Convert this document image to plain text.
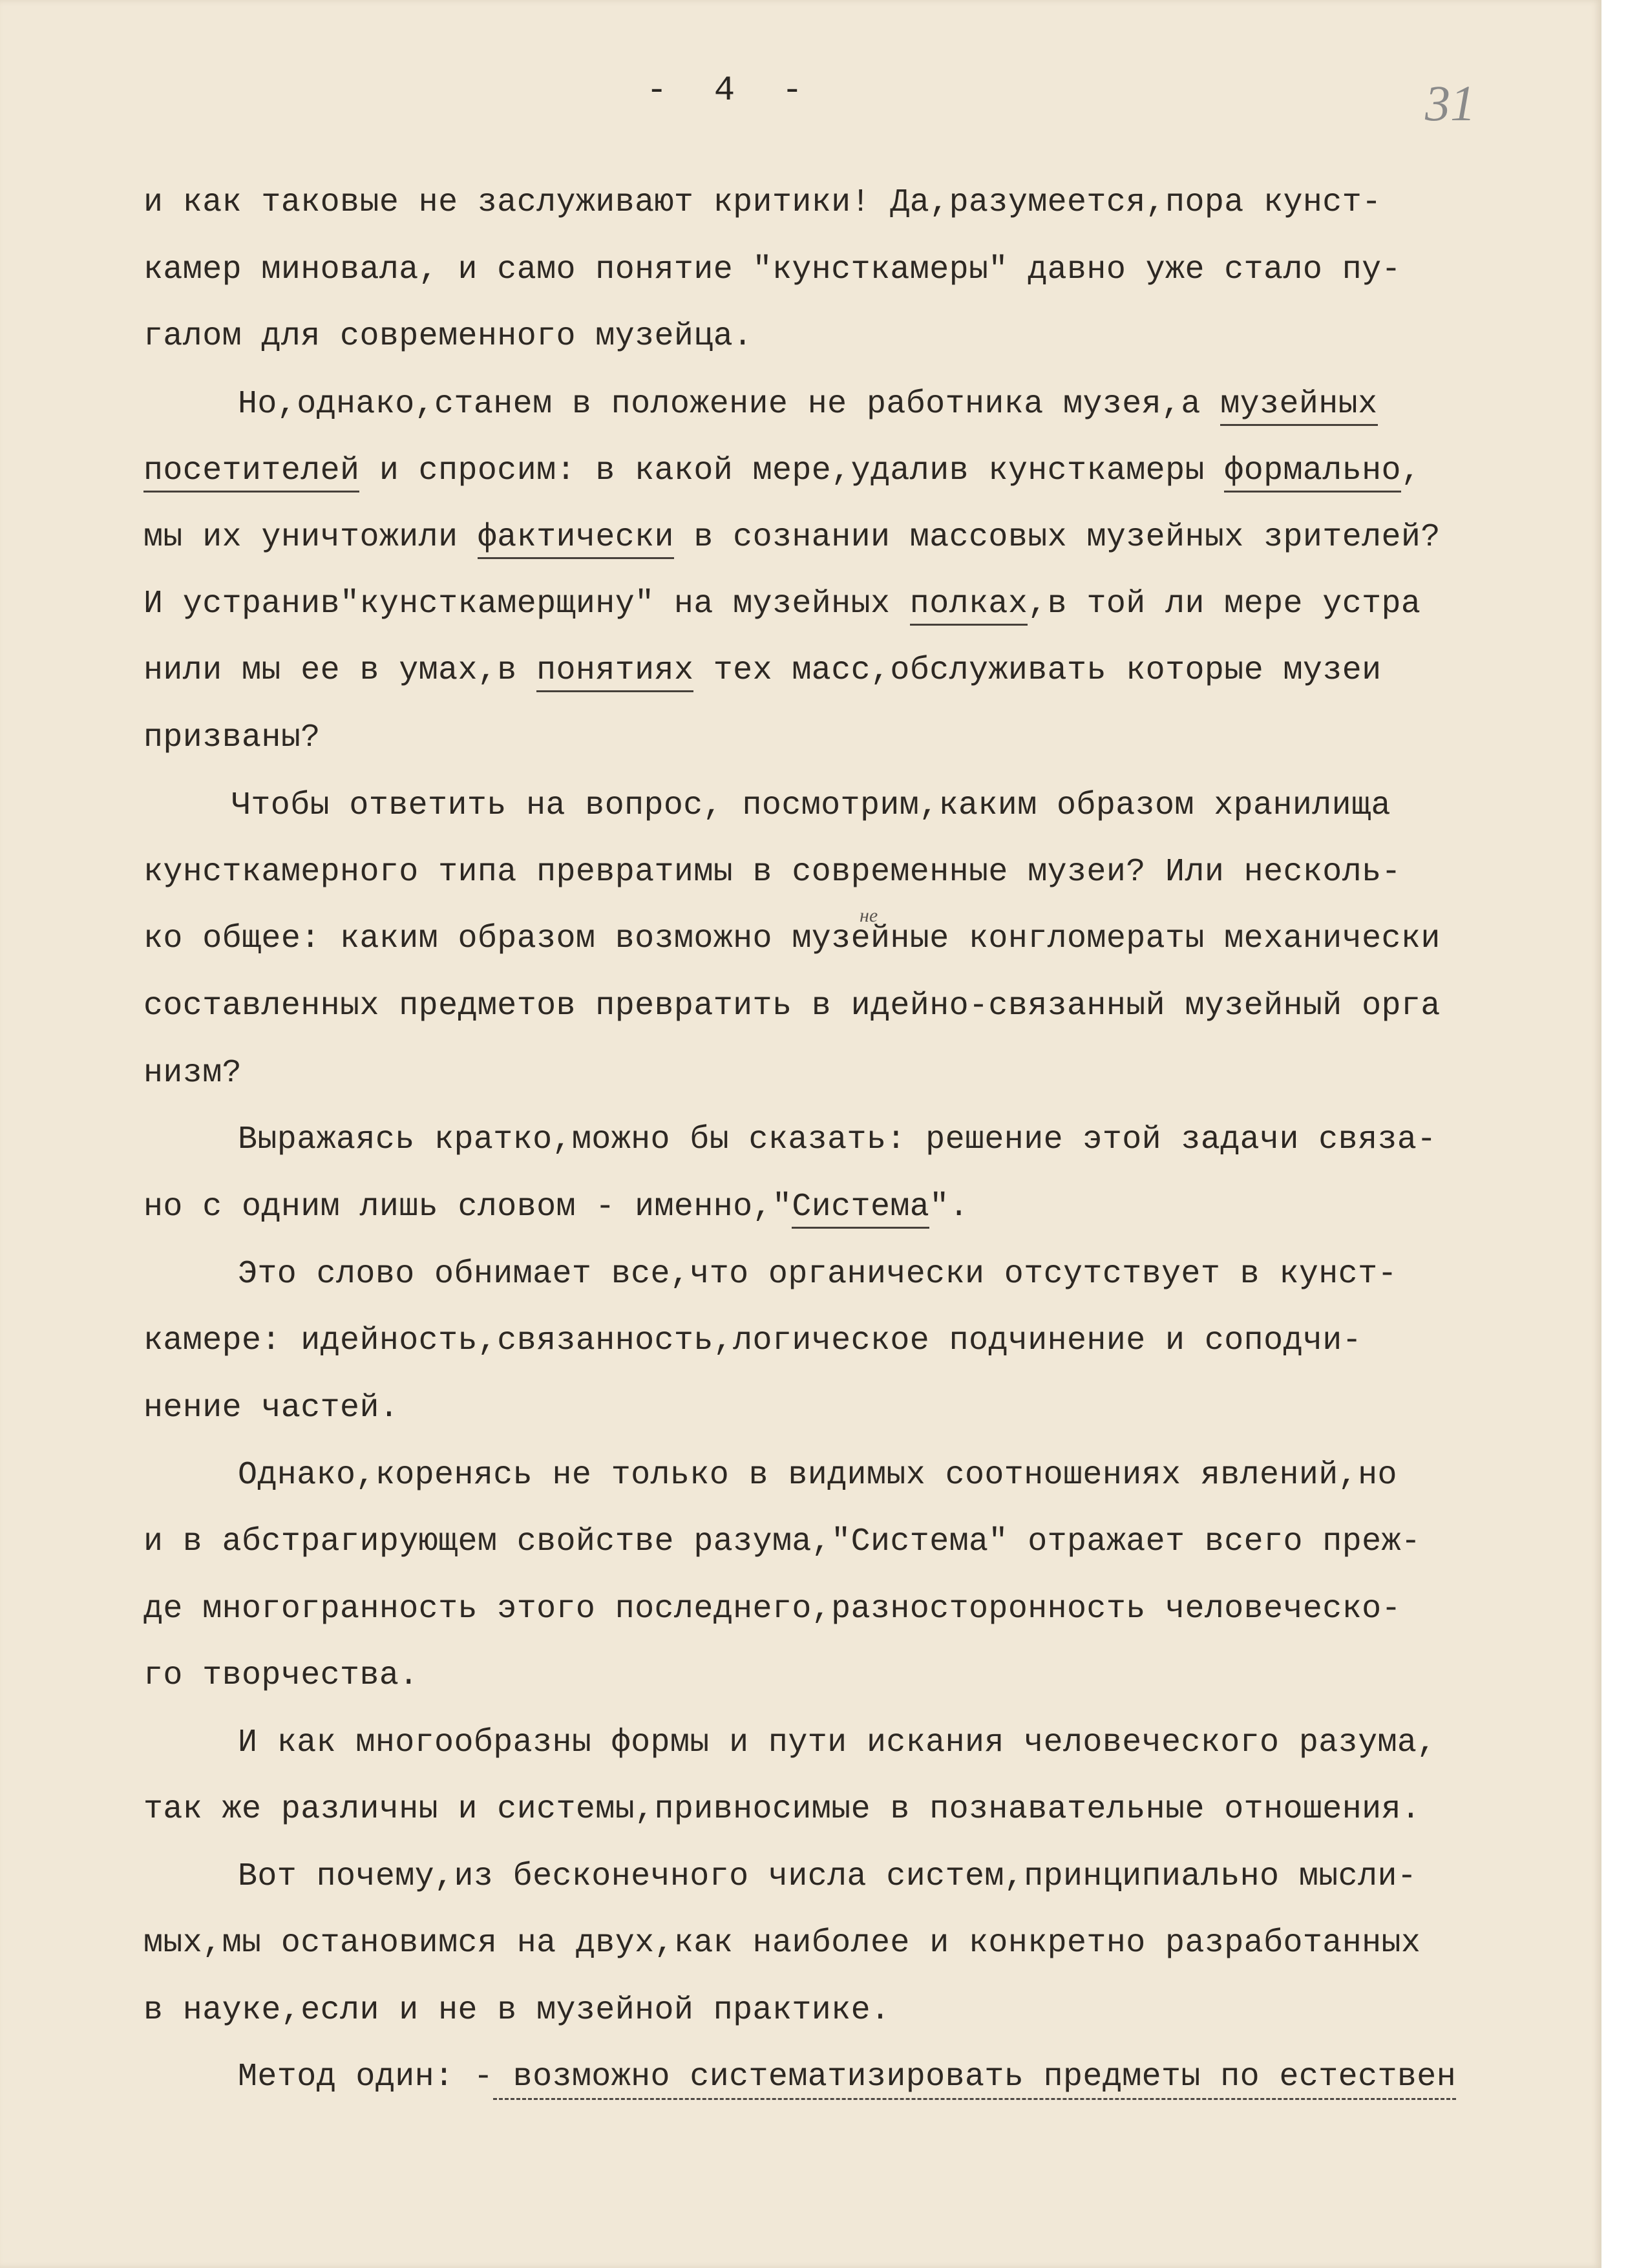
- 4 -	31
и как таковые не заслуживают критики! Да,разумеется,пора кунст-
камер миновала, и само понятие "кунсткамеры" давно уже стало пу-
галом для современного музейца.
Но,однако,станем в положение не работника музея,а музейных
посетителей и спросим: в какой мере,удалив кунсткамеры формально,
мы их уничтожили фактически в сознании массовых музейных зрителей?
И устранив"кунсткамерщину" на музейных полках,в той ли мере устра
нили мы ее в умах,в понятиях тех масс,обслуживать которые музеи
призваны?
Чтобы ответить на вопрос, посмотрим,каким образом хранилища
кунсткамерного типа превратимы в современные музеи? Или несколь-
ко общее: каким образом возможно музейные конгломераты механически
составленных предметов превратить в идейно-связанный музейный орга
низм?
Выражаясь кратко,можно бы сказать: решение этой задачи связа-
но с одним лишь словом - именно,"Система".
Это слово обнимает все,что органически отсутствует в кунст-
камере: идейность,связанность,логическое подчинение и соподчи-
нение частей.
Однако,коренясь не только в видимых соотношениях явлений,но
и в абстрагирующем свойстве разума,"Система" отражает всего преж-
де многогранность этого последнего,разносторонность человеческо-
го творчества.
И как многообразны формы и пути искания человеческого разума,
так же различны и системы,привносимые в познавательные отношения.
Вот почему,из бесконечного числа систем,принципиально мысли-
мых,мы остановимся на двух,как наиболее и конкретно разработанных
в науке,если и не в музейной практике.
Метод один: - возможно систематизировать предметы по естествен
не
